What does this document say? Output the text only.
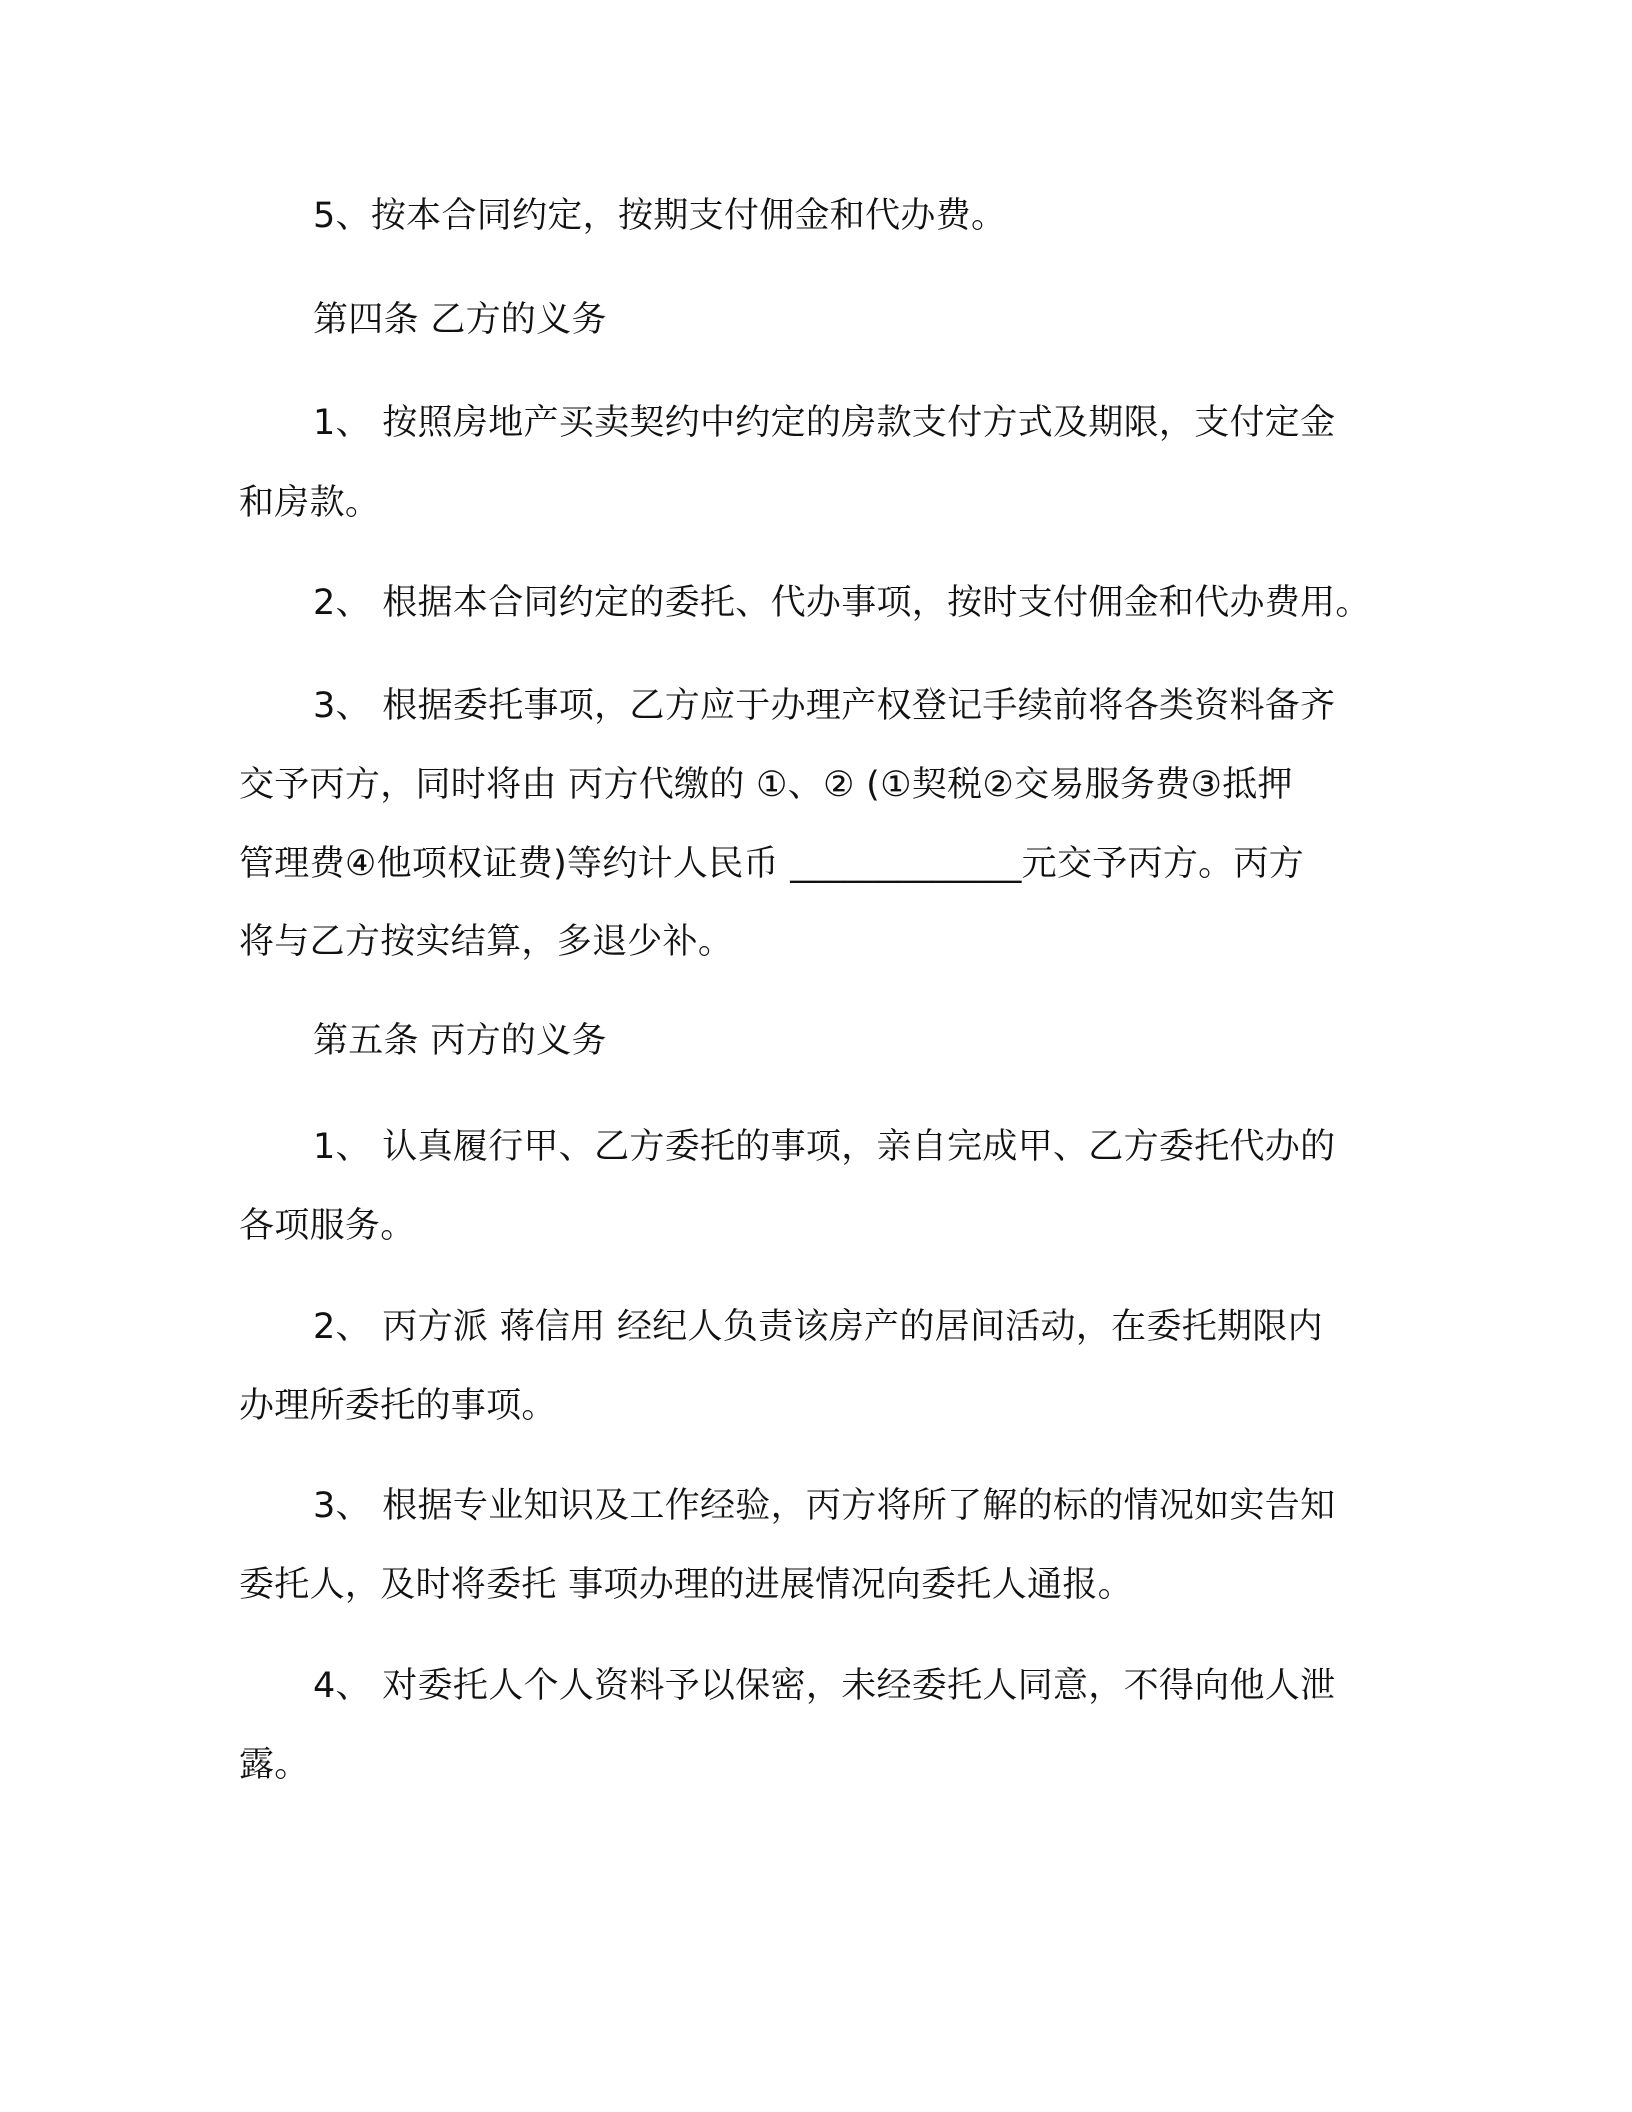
5、按本合同约定，按期支付佣金和代办费。
第四条 乙方的义务
1、 按照房地产买卖契约中约定的房款支付方式及期限，支付定金
和房款。
2、 根据本合同约定的委托、代办事项，按时支付佣金和代办费用。
3、 根据委托事项，乙方应于办理产权登记手续前将各类资料备齐
交予丙方，同时将由 丙方代缴的 ①、② (①契税②交易服务费③抵押
管理费④他项权证费)等约计人民币 _____________元交予丙方。丙方
将与乙方按实结算，多退少补。
第五条 丙方的义务
1、 认真履行甲、乙方委托的事项，亲自完成甲、乙方委托代办的
各项服务。
2、 丙方派 蒋信用 经纪人负责该房产的居间活动，在委托期限内
办理所委托的事项。
3、 根据专业知识及工作经验，丙方将所了解的标的情况如实告知
委托人，及时将委托 事项办理的进展情况向委托人通报。
4、 对委托人个人资料予以保密，未经委托人同意，不得向他人泄
露。
